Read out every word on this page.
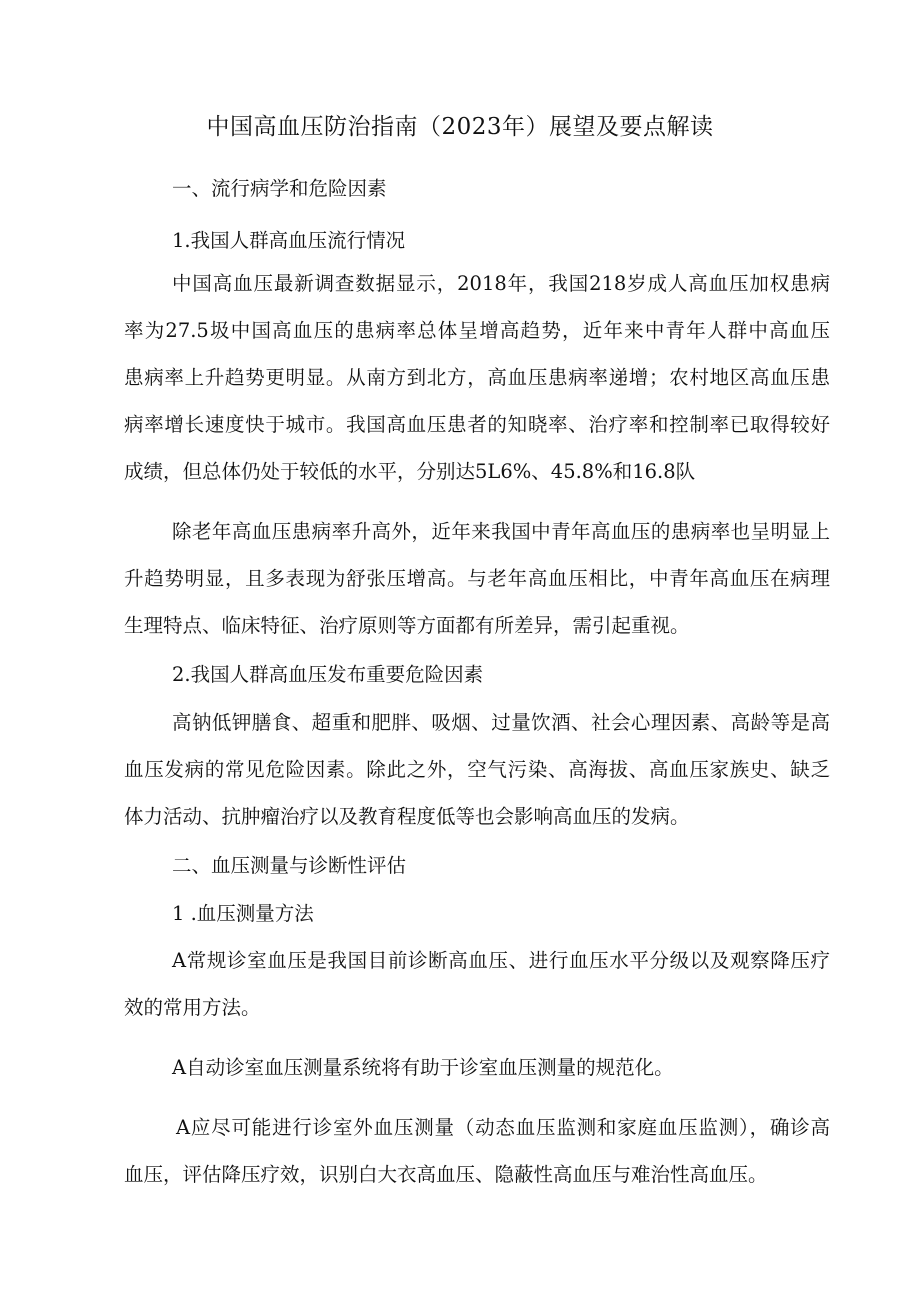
中国高血压防治指南（2023年）展望及要点解读
一、流行病学和危险因素
1.我国人群高血压流行情况
中国高血压最新调查数据显示，2018年，我国218岁成人高血压加权患病
率为27.5圾中国高血压的患病率总体呈增高趋势，近年来中青年人群中高血压
患病率上升趋势更明显。从南方到北方，高血压患病率递增；农村地区高血压患
病率增长速度快于城市。我国高血压患者的知晓率、治疗率和控制率已取得较好
成绩，但总体仍处于较低的水平，分别达5L6%、45.8%和16.8队
除老年高血压患病率升高外，近年来我国中青年高血压的患病率也呈明显上
升趋势明显，且多表现为舒张压增高。与老年高血压相比，中青年高血压在病理
生理特点、临床特征、治疗原则等方面都有所差异，需引起重视。
2.我国人群高血压发布重要危险因素
高钠低钾膳食、超重和肥胖、吸烟、过量饮酒、社会心理因素、高龄等是高
血压发病的常见危险因素。除此之外，空气污染、高海拔、高血压家族史、缺乏
体力活动、抗肿瘤治疗以及教育程度低等也会影响高血压的发病。
二、血压测量与诊断性评估
1 .血压测量方法
A常规诊室血压是我国目前诊断高血压、进行血压水平分级以及观察降压疗
效的常用方法。
A自动诊室血压测量系统将有助于诊室血压测量的规范化。
A应尽可能进行诊室外血压测量（动态血压监测和家庭血压监测），确诊高
血压，评估降压疗效，识别白大衣高血压、隐蔽性高血压与难治性高血压。
